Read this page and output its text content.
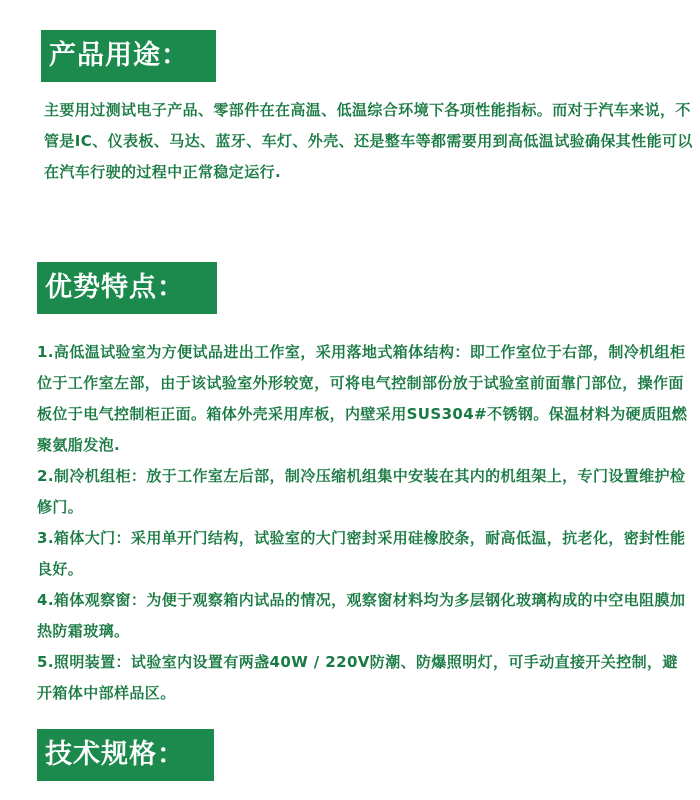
产品用途：
主要用过测试电子产品、零部件在在高温、低温综合环境下各项性能指标。而对于汽车来说，不管是IC、仪表板、马达、蓝牙、车灯、外壳、还是整车等都需要用到高低温试验确保其性能可以在汽车行驶的过程中正常稳定运行.
优势特点：
1.高低温试验室为方便试品进出工作室，采用落地式箱体结构：即工作室位于右部，制冷机组柜位于工作室左部，由于该试验室外形较宽，可将电气控制部份放于试验室前面靠门部位，操作面板位于电气控制柜正面。箱体外壳采用库板，内壁采用SUS304#不锈钢。保温材料为硬质阻燃聚氨脂发泡.
2.制冷机组柜：放于工作室左后部，制冷压缩机组集中安装在其内的机组架上，专门设置维护检修门。
3.箱体大门：采用单开门结构，试验室的大门密封采用硅橡胶条，耐高低温，抗老化，密封性能良好。
4.箱体观察窗：为便于观察箱内试品的情况，观察窗材料均为多层钢化玻璃构成的中空电阻膜加热防霜玻璃。
5.照明装置：试验室内设置有两盏40W / 220V防潮、防爆照明灯，可手动直接开关控制，避开箱体中部样品区。
技术规格：
